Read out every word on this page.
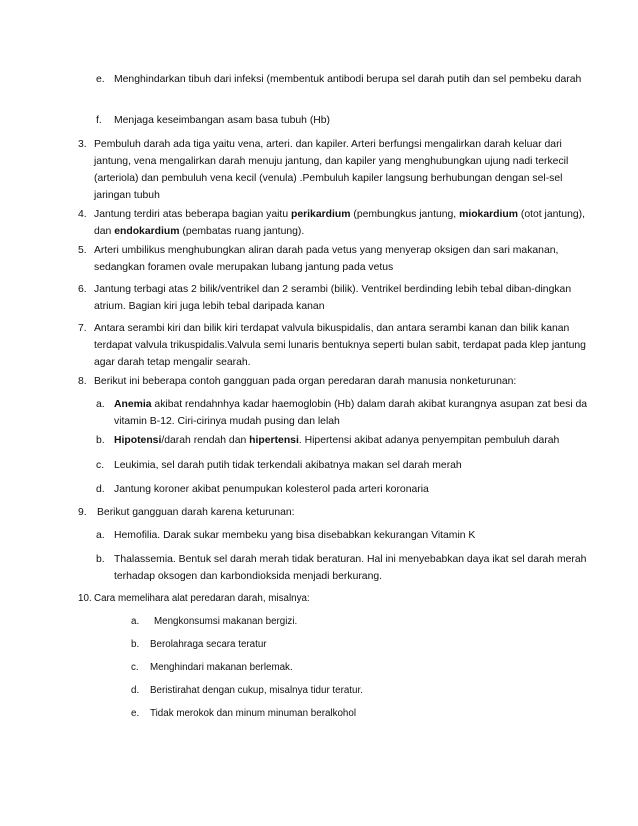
e. Menghindarkan tibuh dari infeksi (membentuk antibodi berupa sel darah putih dan sel pembeku darah
f. Menjaga keseimbangan asam basa tubuh (Hb)
3. Pembuluh darah ada tiga yaitu vena, arteri. dan kapiler. Arteri berfungsi mengalirkan darah keluar dari jantung, vena mengalirkan darah menuju jantung, dan kapiler yang menghubungkan ujung nadi terkecil (arteriola) dan pembuluh vena kecil (venula) .Pembuluh kapiler langsung berhubungan dengan sel-sel jaringan tubuh
4. Jantung terdiri atas beberapa bagian yaitu perikardium (pembungkus jantung, miokardium (otot jantung), dan endokardium (pembatas ruang jantung).
5. Arteri umbilikus menghubungkan aliran darah pada vetus yang menyerap oksigen dan sari makanan, sedangkan foramen ovale merupakan lubang jantung pada vetus
6. Jantung terbagi atas 2 bilik/ventrikel dan 2 serambi (bilik). Ventrikel berdinding lebih tebal diban-dingkan atrium. Bagian kiri juga lebih tebal daripada kanan
7. Antara serambi kiri dan bilik kiri terdapat valvula bikuspidalis, dan antara serambi kanan dan bilik kanan terdapat valvula trikuspidalis.Valvula semi lunaris bentuknya seperti bulan sabit, terdapat pada klep jantung agar darah tetap mengalir searah.
8. Berikut ini beberapa contoh gangguan pada organ peredaran darah manusia nonketurunan:
a. Anemia akibat rendahnhya kadar haemoglobin (Hb) dalam darah akibat kurangnya asupan zat besi da vitamin B-12. Ciri-cirinya mudah pusing dan lelah
b. Hipotensi/darah rendah dan hipertensi. Hipertensi akibat adanya penyempitan pembuluh darah
c. Leukimia, sel darah putih tidak terkendali akibatnya makan sel darah merah
d. Jantung koroner akibat penumpukan kolesterol pada arteri koronaria
9. Berikut gangguan darah karena keturunan:
a. Hemofilia. Darak sukar membeku yang bisa disebabkan kekurangan Vitamin K
b. Thalassemia. Bentuk sel darah merah tidak beraturan. Hal ini menyebabkan daya ikat sel darah merah terhadap oksogen dan karbondioksida menjadi berkurang.
10. Cara memelihara alat peredaran darah, misalnya:
a. Mengkonsumsi makanan bergizi.
b. Berolahraga secara teratur
c. Menghindari makanan berlemak.
d. Beristirahat dengan cukup, misalnya tidur teratur.
e. Tidak merokok dan minum minuman beralkohol
